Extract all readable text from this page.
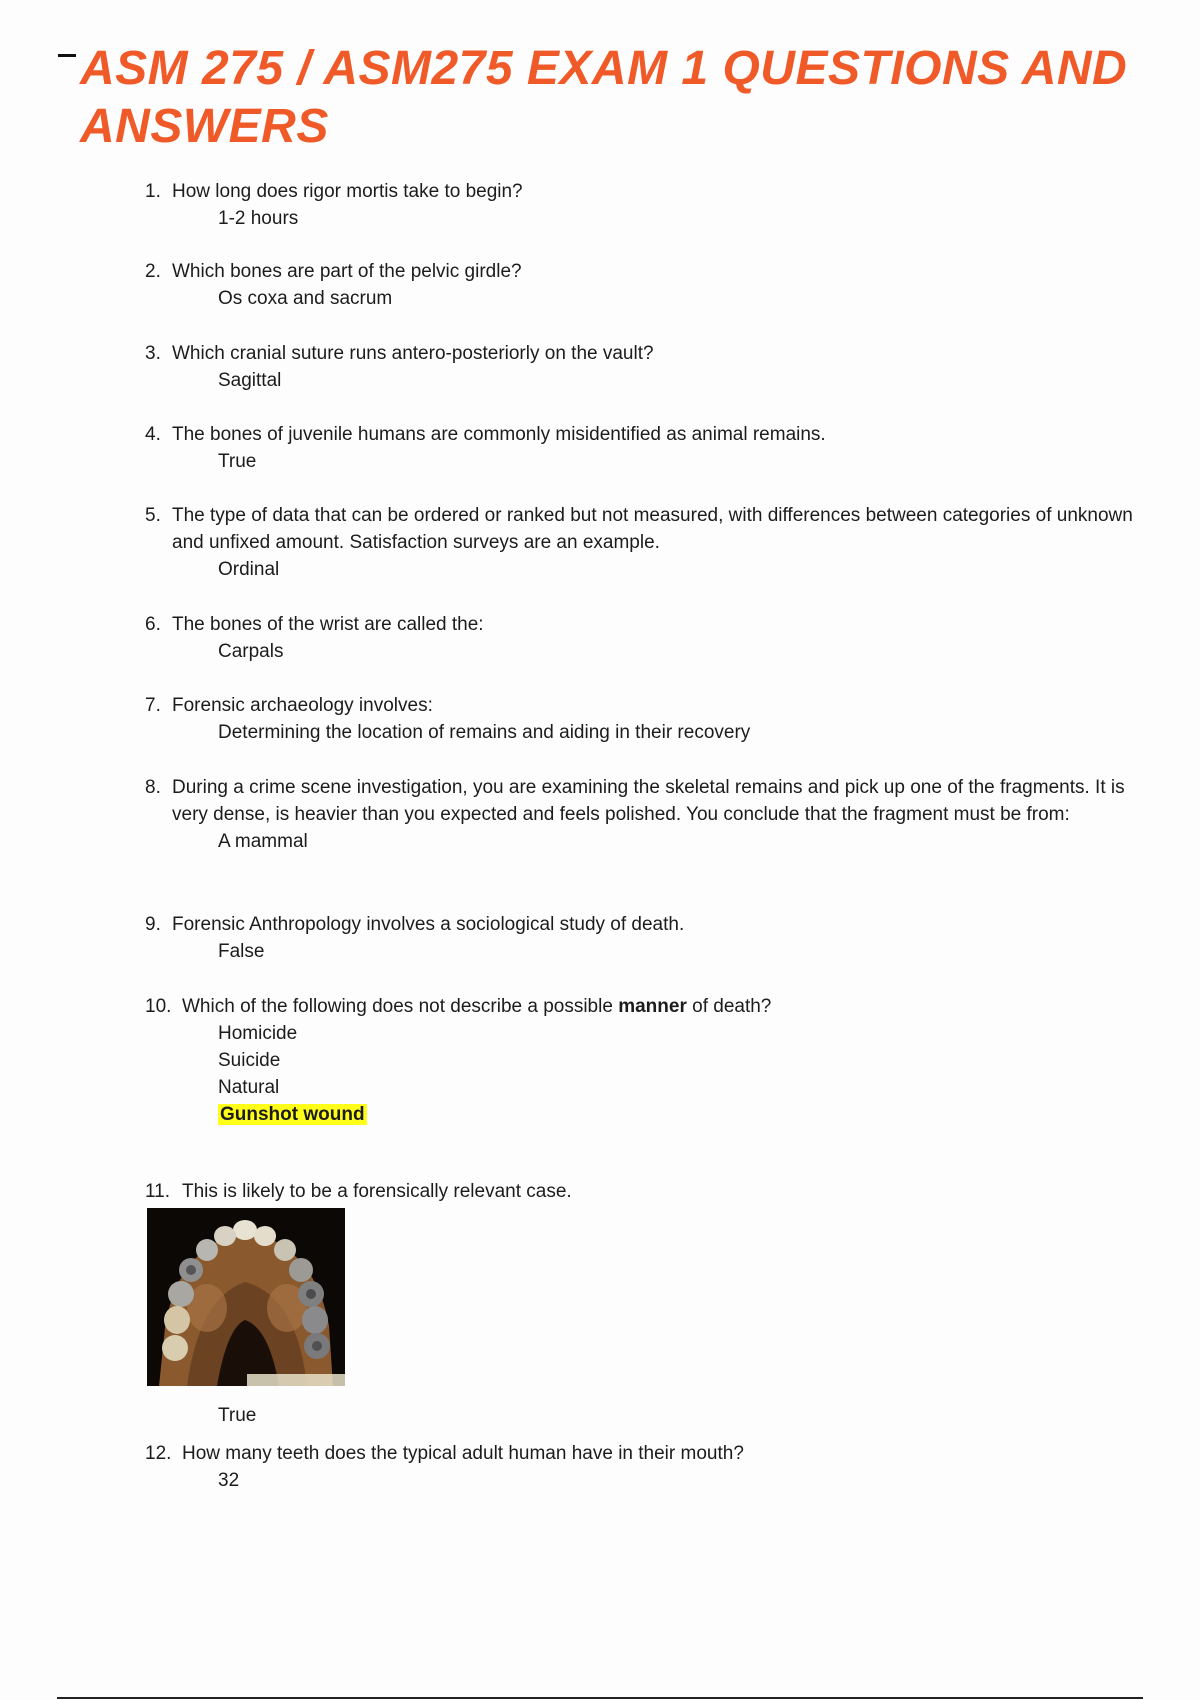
ASM 275 / ASM275 EXAM 1 QUESTIONS AND ANSWERS
1. How long does rigor mortis take to begin?
1-2 hours
2. Which bones are part of the pelvic girdle?
Os coxa and sacrum
3. Which cranial suture runs antero-posteriorly on the vault?
Sagittal
4. The bones of juvenile humans are commonly misidentified as animal remains.
True
5. The type of data that can be ordered or ranked but not measured, with differences between categories of unknown and unfixed amount. Satisfaction surveys are an example.
Ordinal
6. The bones of the wrist are called the:
Carpals
7. Forensic archaeology involves:
Determining the location of remains and aiding in their recovery
8. During a crime scene investigation, you are examining the skeletal remains and pick up one of the fragments. It is very dense, is heavier than you expected and feels polished. You conclude that the fragment must be from:
A mammal
9. Forensic Anthropology involves a sociological study of death.
False
10. Which of the following does not describe a possible manner of death?
Homicide
Suicide
Natural
Gunshot wound
11. This is likely to be a forensically relevant case.
True
12. How many teeth does the typical adult human have in their mouth?
32
